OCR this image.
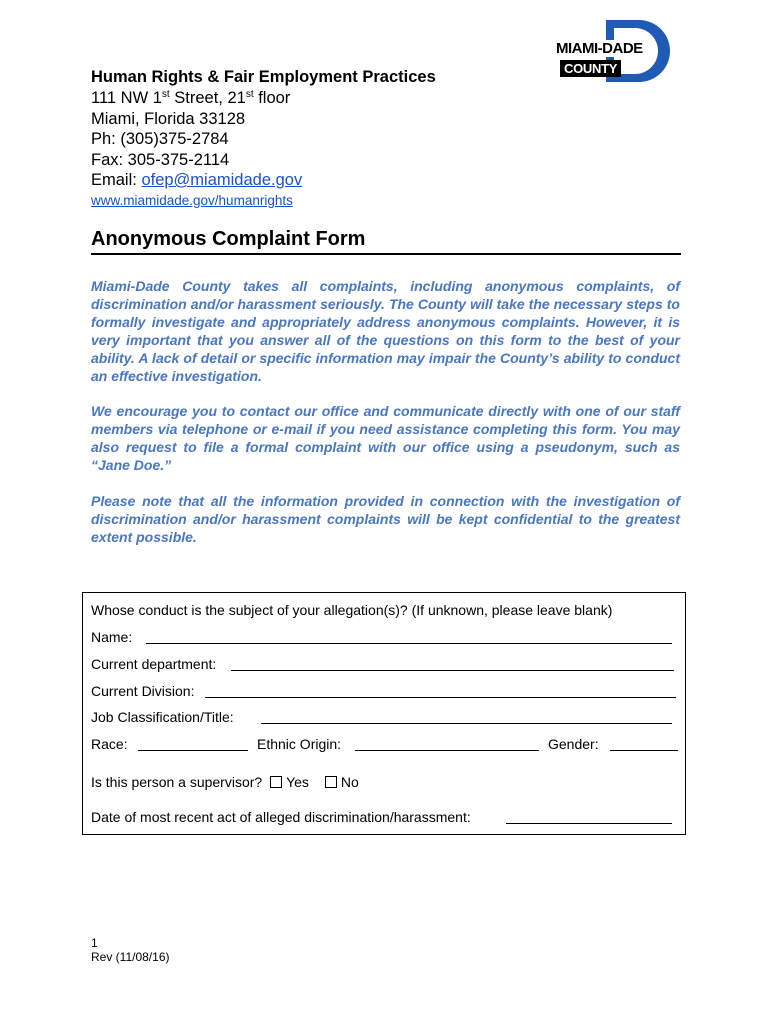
MIAMI-DADE
COUNTY
Human Rights & Fair Employment Practices
111 NW 1st Street, 21st floor
Miami, Florida 33128
Ph: (305)375-2784
Fax: 305-375-2114
Email: ofep@miamidade.gov
www.miamidade.gov/humanrights
Anonymous Complaint Form

Miami-Dade County takes all complaints, including anonymous complaints, of discrimination and/or harassment seriously. The County will take the necessary steps to formally investigate and appropriately address anonymous complaints. However, it is very important that you answer all of the questions on this form to the best of your ability. A lack of detail or specific information may impair the County’s ability to conduct an effective investigation.

We encourage you to contact our office and communicate directly with one of our staff members via telephone or e-mail if you need assistance completing this form. You may also request to file a formal complaint with our office using a pseudonym, such as “Jane Doe.”

Please note that all the information provided in connection with the investigation of discrimination and/or harassment complaints will be kept confidential to the greatest extent possible.

Whose conduct is the subject of your allegation(s)? (If unknown, please leave blank)
Name:
Current department:
Current Division:
Job Classification/Title:
Race:	Ethnic Origin:	Gender:
Is this person a supervisor? Yes No
Date of most recent act of alleged discrimination/harassment:
1
Rev (11/08/16)
